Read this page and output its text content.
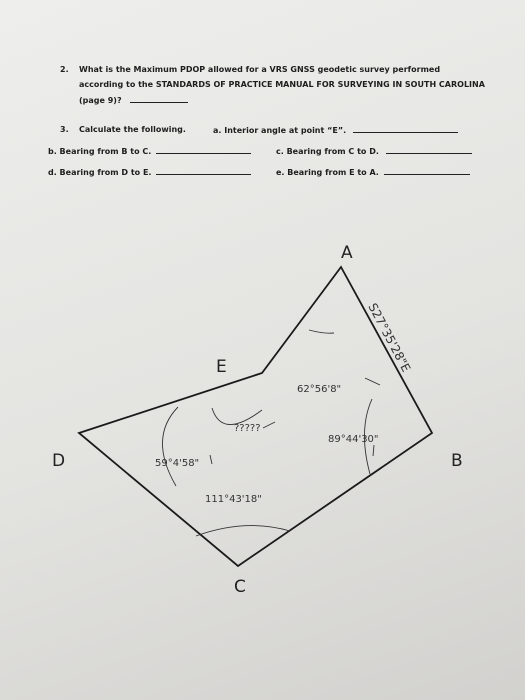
2. What is the Maximum PDOP allowed for a VRS GNSS geodetic survey performed
according to the STANDARDS OF PRACTICE MANUAL FOR SURVEYING IN SOUTH CAROLINA
(page 9)?
3. Calculate the following.	a. Interior angle at point “E”.
b. Bearing from B to C.	c. Bearing from C to D.
d. Bearing from D to E.	e. Bearing from E to A.
A
B
C
D
E	S27°35'28"E
62°56'8"
89°44'30"
111°43'18"
59°4'58"
?????
